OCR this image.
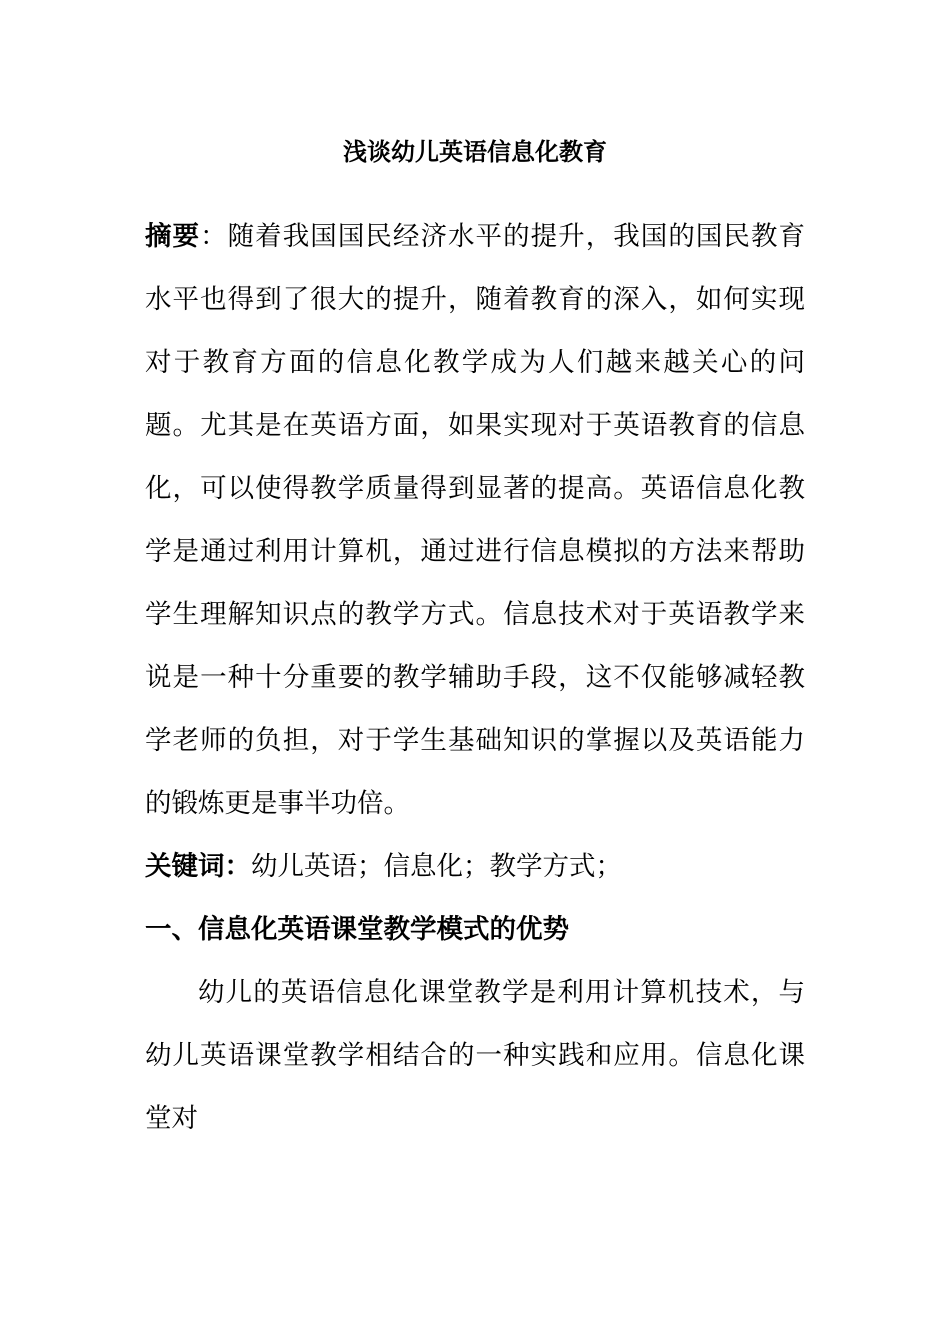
浅谈幼儿英语信息化教育

摘要：随着我国国民经济水平的提升，我国的国民教育水平也得到了很大的提升，随着教育的深入，如何实现对于教育方面的信息化教学成为人们越来越关心的问题。尤其是在英语方面，如果实现对于英语教育的信息化，可以使得教学质量得到显著的提高。英语信息化教学是通过利用计算机，通过进行信息模拟的方法来帮助学生理解知识点的教学方式。信息技术对于英语教学来说是一种十分重要的教学辅助手段，这不仅能够减轻教学老师的负担，对于学生基础知识的掌握以及英语能力的锻炼更是事半功倍。

关键词：幼儿英语；信息化；教学方式；

一、信息化英语课堂教学模式的优势

幼儿的英语信息化课堂教学是利用计算机技术，与幼儿英语课堂教学相结合的一种实践和应用。信息化课堂对
